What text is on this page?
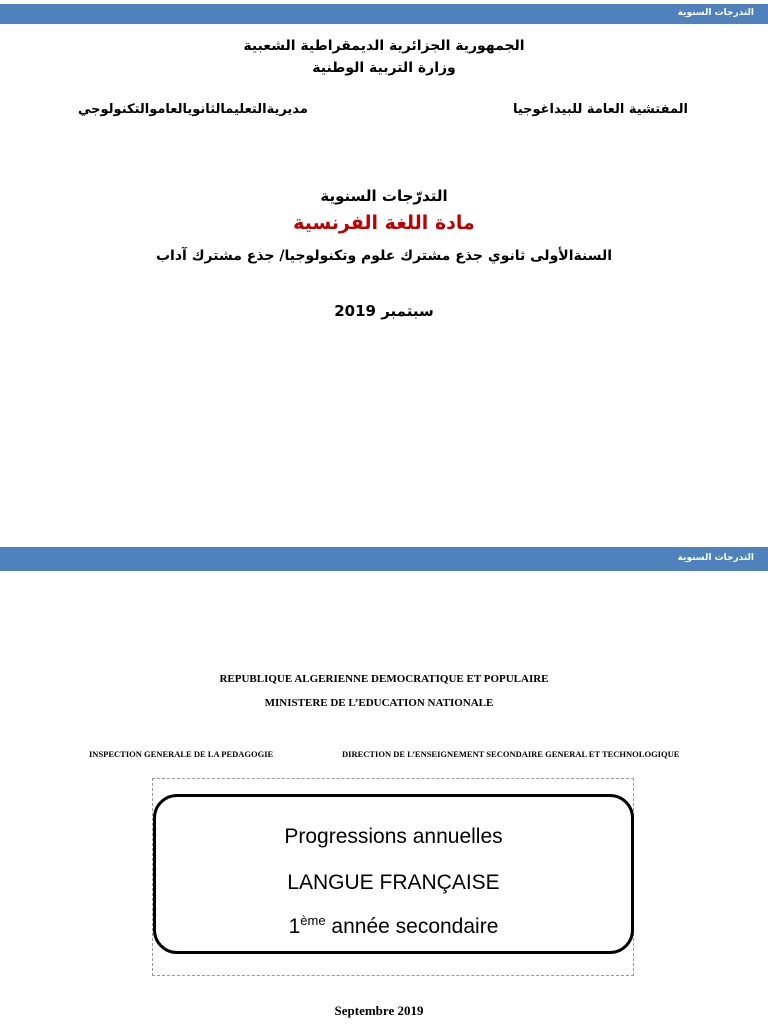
التدرجات السنوية
الجمهورية الجزائرية الديمقراطية الشعبية
وزارة التربية الوطنية
المفتشية العامة للبيداغوجيا
مديريةالتعليمالثانويالعاموالتكنولوجي
التدرّجات السنوية
مادة اللغة الفرنسية
السنةالأولى ثانوي جذع مشترك علوم وتكنولوجيا/ جذع مشترك آداب
سبتمبر 2019
التدرجات السنوية
REPUBLIQUE ALGERIENNE DEMOCRATIQUE ET POPULAIRE
MINISTERE DE L’EDUCATION NATIONALE
INSPECTION GENERALE DE LA PEDAGOGIE	DIRECTION DE L’ENSEIGNEMENT SECONDAIRE GENERAL ET TECHNOLOGIQUE
Progressions annuelles
LANGUE FRANÇAISE
1ème année secondaire
Septembre 2019
